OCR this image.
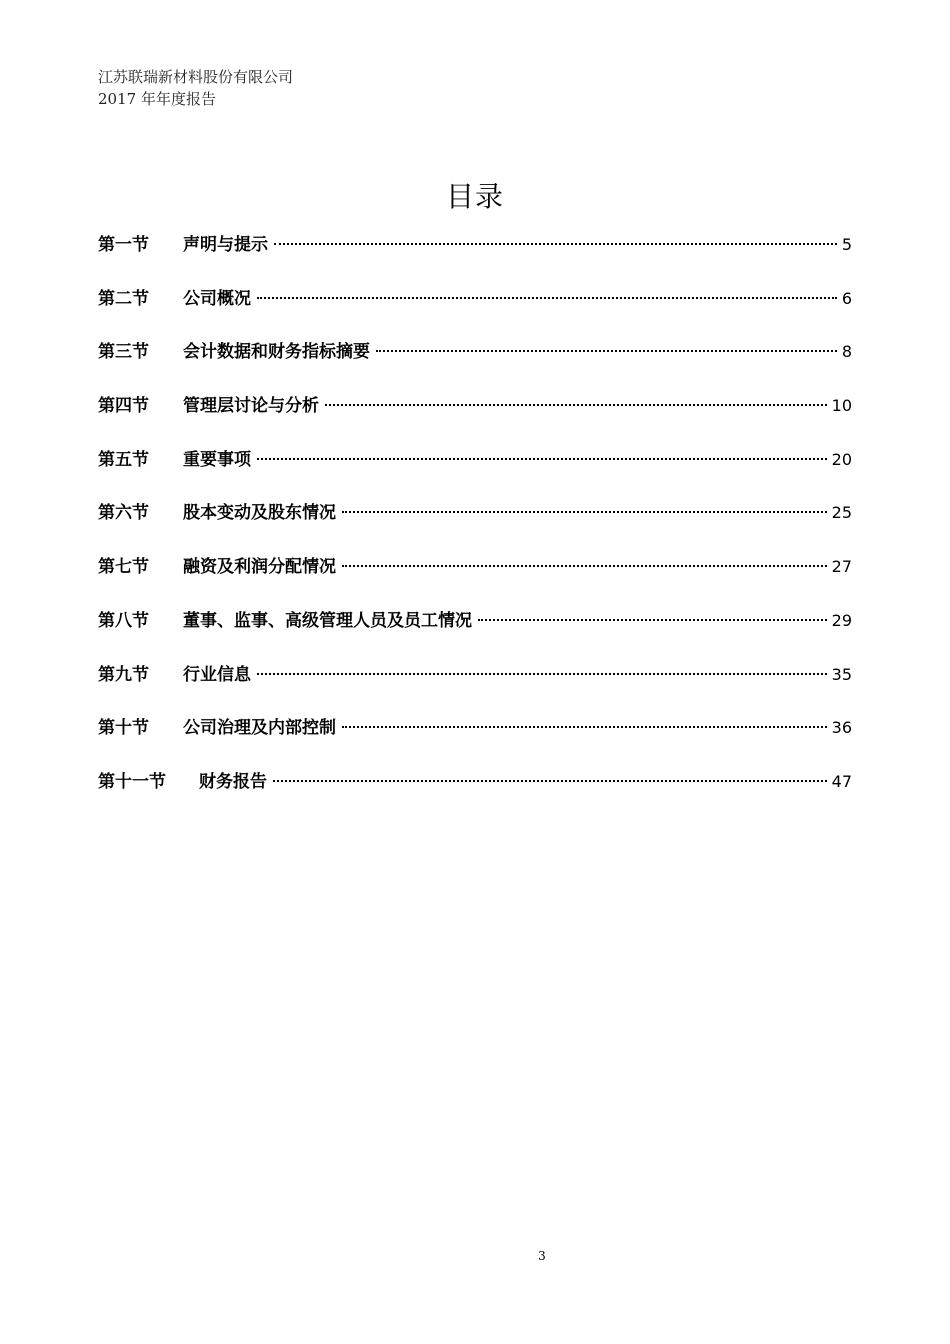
江苏联瑞新材料股份有限公司
2017 年年度报告
目录
第一节	声明与提示	5
第二节	公司概况	6
第三节	会计数据和财务指标摘要	8
第四节	管理层讨论与分析	10
第五节	重要事项	20
第六节	股本变动及股东情况	25
第七节	融资及利润分配情况	27
第八节	董事、监事、高级管理人员及员工情况	29
第九节	行业信息	35
第十节	公司治理及内部控制	36
第十一节	财务报告	47
3
